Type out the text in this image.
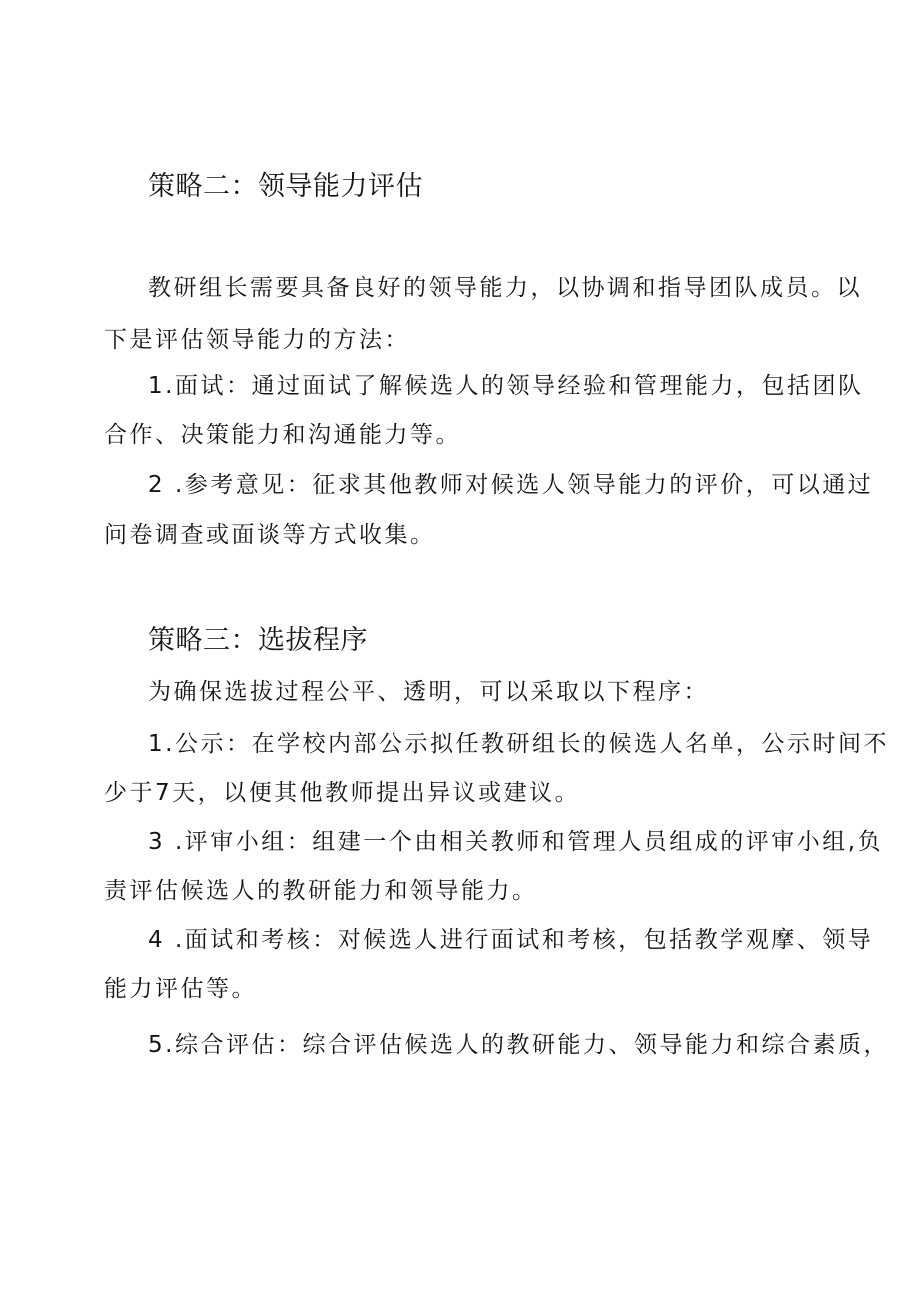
策略二：领导能力评估
教研组长需要具备良好的领导能力，以协调和指导团队成员。以
下是评估领导能力的方法：
1.面试：通过面试了解候选人的领导经验和管理能力，包括团队
合作、决策能力和沟通能力等。
2 .参考意见：征求其他教师对候选人领导能力的评价，可以通过
问卷调查或面谈等方式收集。
策略三：选拔程序
为确保选拔过程公平、透明，可以采取以下程序：
1.公示：在学校内部公示拟任教研组长的候选人名单，公示时间不
少于7天，以便其他教师提出异议或建议。
3 .评审小组：组建一个由相关教师和管理人员组成的评审小组,负
责评估候选人的教研能力和领导能力。
4 .面试和考核：对候选人进行面试和考核，包括教学观摩、领导
能力评估等。
5.综合评估：综合评估候选人的教研能力、领导能力和综合素质，
